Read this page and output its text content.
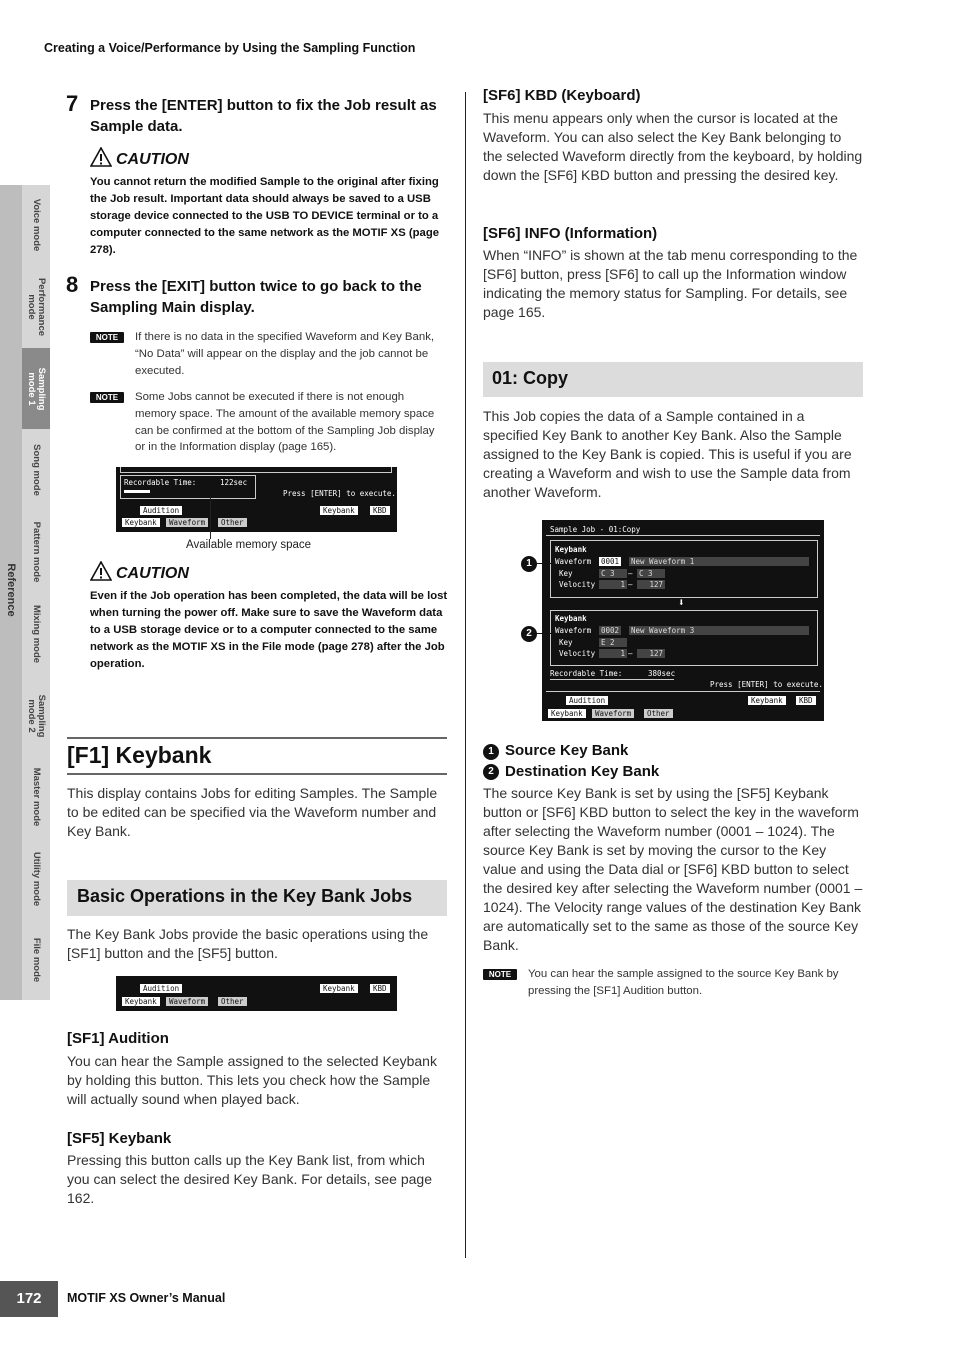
Creating a Voice/Performance by Using the Sampling Function
Reference
Voice mode
Performance
mode
Sampling
mode 1
Song mode
Pattern mode
Mixing mode
Sampling
mode 2
Master mode
Utility mode
File mode
7 Press the [ENTER] button to fix the Job result as Sample data.
CAUTION
You cannot return the modified Sample to the original after fixing the Job result. Important data should always be saved to a USB storage device connected to the USB TO DEVICE terminal or to a computer connected to the same network as the MOTIF XS (page 278).
8 Press the [EXIT] button twice to go back to the Sampling Main display.
NOTE	If there is no data in the specified Waveform and Key Bank, “No Data” will appear on the display and the job cannot be executed.
NOTE	Some Jobs cannot be executed if there is not enough memory space. The amount of the available memory space can be confirmed at the bottom of the Sampling Job display or in the Information display (page 165).
Recordable Time:	122sec
Press [ENTER] to execute.
Audition	Keybank	KBD
Keybank	Waveform	Other
Available memory space
CAUTION
Even if the Job operation has been completed, the data will be lost when turning the power off. Make sure to save the Waveform data to a USB storage device or to a computer connected to the same network as the MOTIF XS in the File mode (page 278) after the Job operation.
[F1] Keybank
This display contains Jobs for editing Samples. The Sample to be edited can be specified via the Waveform number and Key Bank.
Basic Operations in the Key Bank Jobs
The Key Bank Jobs provide the basic operations using the [SF1] button and the [SF5] button.
Audition	Keybank	KBD
Keybank	Waveform	Other
[SF1] Audition
You can hear the Sample assigned to the selected Keybank by holding this button. This lets you check how the Sample will actually sound when played back.
[SF5] Keybank
Pressing this button calls up the Key Bank list, from which you can select the desired Key Bank. For details, see page 162.
[SF6] KBD (Keyboard)
This menu appears only when the cursor is located at the Waveform. You can also select the Key Bank belonging to the selected Waveform directly from the keyboard, by holding down the [SF6] KBD button and pressing the desired key.
[SF6] INFO (Information)
When “INFO” is shown at the tab menu corresponding to the [SF6] button, press [SF6] to call up the Information window indicating the memory status for Sampling. For details, see page 165.
01: Copy
This Job copies the data of a Sample contained in a specified Key Bank to another Key Bank. Also the Sample assigned to the Key Bank is copied. This is useful if you are creating a Waveform and wish to use the Sample data from another Waveform.
Sample Job - 01:Copy
Keybank
Waveform 0001 New Waveform 1
Key	C 3	– C 3
Velocity	1 –	127
⬇
Keybank
Waveform 0002 New Waveform 3
Key	E 2
Velocity	1 –	127
Recordable Time:	380sec
Press [ENTER] to execute.
Audition	Keybank	KBD
Keybank	Waveform	Other
1
2
1 Source Key Bank
2 Destination Key Bank
The source Key Bank is set by using the [SF5] Keybank button or [SF6] KBD button to select the key in the waveform after selecting the Waveform number (0001 – 1024). The source Key Bank is set by moving the cursor to the Key value and using the Data dial or [SF6] KBD button to select the desired key after selecting the Waveform number (0001 – 1024). The Velocity range values of the destination Key Bank are automatically set to the same as those of the source Key Bank.
NOTE	You can hear the sample assigned to the source Key Bank by pressing the [SF1] Audition button.
172	MOTIF XS Owner’s Manual
